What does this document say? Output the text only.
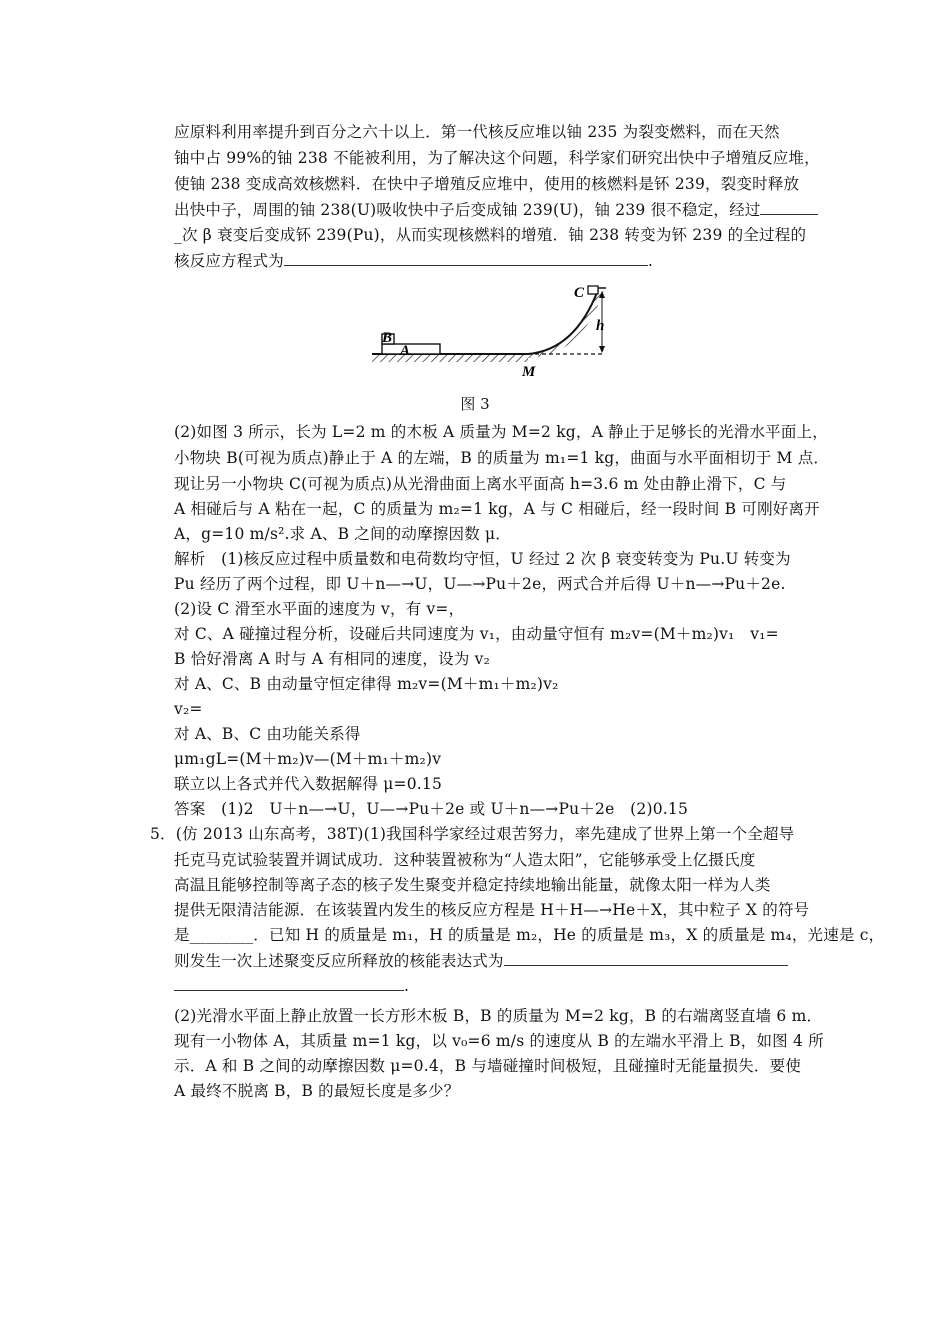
应原料利用率提升到百分之六十以上．第一代核反应堆以铀 235 为裂变燃料，而在天然
铀中占 99%的铀 238 不能被利用，为了解决这个问题，科学家们研究出快中子增殖反应堆，
使铀 238 变成高效核燃料．在快中子增殖反应堆中，使用的核燃料是钚 239，裂变时释放
出快中子，周围的铀 238(U)吸收快中子后变成铀 239(U)，铀 239 很不稳定，经过
_次 β 衰变后变成钚 239(Pu)，从而实现核燃料的增殖．铀 238 转变为钚 239 的全过程的
核反应方程式为	.
C
B
A
M
h
图 3
(2)如图 3 所示，长为 L=2 m 的木板 A 质量为 M=2 kg，A 静止于足够长的光滑水平面上，
小物块 B(可视为质点)静止于 A 的左端，B 的质量为 m₁=1 kg，曲面与水平面相切于 M 点．
现让另一小物块 C(可视为质点)从光滑曲面上离水平面高 h=3.6 m 处由静止滑下，C 与
A 相碰后与 A 粘在一起，C 的质量为 m₂=1 kg，A 与 C 相碰后，经一段时间 B 可刚好离开
A，g=10 m/s².求 A、B 之间的动摩擦因数 μ．
解析　(1)核反应过程中质量数和电荷数均守恒，U 经过 2 次 β 衰变转变为 Pu.U 转变为
Pu 经历了两个过程，即 U＋n—→U，U—→Pu＋2e，两式合并后得 U＋n—→Pu＋2e.
(2)设 C 滑至水平面的速度为 v，有 v=，
对 C、A 碰撞过程分析，设碰后共同速度为 v₁，由动量守恒有 m₂v=(M＋m₂)v₁　v₁=
B 恰好滑离 A 时与 A 有相同的速度，设为 v₂
对 A、C、B 由动量守恒定律得 m₂v=(M＋m₁＋m₂)v₂
v₂=
对 A、B、C 由功能关系得
μm₁gL=(M＋m₂)v—(M＋m₁＋m₂)v
联立以上各式并代入数据解得 μ=0.15
答案　(1)2　U＋n—→U，U—→Pu＋2e 或 U＋n—→Pu＋2e　(2)0.15
5．(仿 2013 山东高考，38T)(1)我国科学家经过艰苦努力，率先建成了世界上第一个全超导
托克马克试验装置并调试成功．这种装置被称为“人造太阳”，它能够承受上亿摄氏度
高温且能够控制等离子态的核子发生聚变并稳定持续地输出能量，就像太阳一样为人类
提供无限清洁能源．在该装置内发生的核反应方程是 H＋H—→He＋X，其中粒子 X 的符号
是________．已知 H 的质量是 m₁，H 的质量是 m₂，He 的质量是 m₃，X 的质量是 m₄，光速是 c，
则发生一次上述聚变反应所释放的核能表达式为
.
(2)光滑水平面上静止放置一长方形木板 B，B 的质量为 M=2 kg，B 的右端离竖直墙 6 m．
现有一小物体 A，其质量 m=1 kg，以 v₀=6 m/s 的速度从 B 的左端水平滑上 B，如图 4 所
示．A 和 B 之间的动摩擦因数 μ=0.4，B 与墙碰撞时间极短，且碰撞时无能量损失．要使
A 最终不脱离 B，B 的最短长度是多少？
